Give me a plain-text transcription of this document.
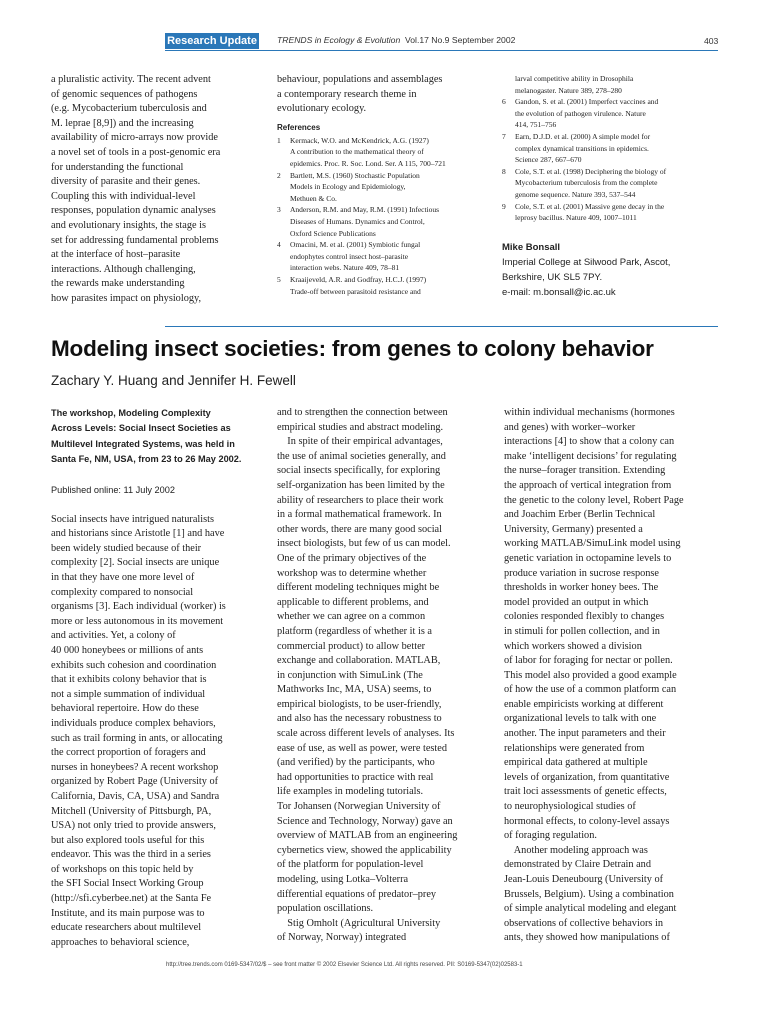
Research Update TRENDS in Ecology & Evolution Vol.17 No.9 September 2002	403
a pluralistic activity. The recent advent
of genomic sequences of pathogens
(e.g. Mycobacterium tuberculosis and
M. leprae [8,9]) and the increasing
availability of micro-arrays now provide
a novel set of tools in a post-genomic era
for understanding the functional
diversity of parasite and their genes.
Coupling this with individual-level
responses, population dynamic analyses
and evolutionary insights, the stage is
set for addressing fundamental problems
at the interface of host–parasite
interactions. Although challenging,
the rewards make understanding
how parasites impact on physiology,
behaviour, populations and assemblages
a contemporary research theme in
evolutionary ecology.
References
1	Kermack, W.O. and McKendrick, A.G. (1927)
A contribution to the mathematical theory of
epidemics. Proc. R. Soc. Lond. Ser. A 115, 700–721
2	Bartlett, M.S. (1960) Stochastic Population
Models in Ecology and Epidemiology,
Methuen & Co.
3	Anderson, R.M. and May, R.M. (1991) Infectious
Diseases of Humans. Dynamics and Control,
Oxford Science Publications
4	Omacini, M. et al. (2001) Symbiotic fungal
endophytes control insect host–parasite
interaction webs. Nature 409, 78–81
5	Kraaijeveld, A.R. and Godfray, H.C.J. (1997)
Trade-off between parasitoid resistance and
larval competitive ability in Drosophila
melanogaster. Nature 389, 278–280
6	Gandon, S. et al. (2001) Imperfect vaccines and
the evolution of pathogen virulence. Nature
414, 751–756
7	Earn, D.J.D. et al. (2000) A simple model for
complex dynamical transitions in epidemics.
Science 287, 667–670
8	Cole, S.T. et al. (1998) Deciphering the biology of
Mycobacterium tuberculosis from the complete
genome sequence. Nature 393, 537–544
9	Cole, S.T. et al. (2001) Massive gene decay in the
leprosy bacillus. Nature 409, 1007–1011
Mike Bonsall
Imperial College at Silwood Park, Ascot,
Berkshire, UK SL5 7PY.
e-mail: m.bonsall@ic.ac.uk
Modeling insect societies: from genes to colony behavior
Zachary Y. Huang and Jennifer H. Fewell
The workshop, Modeling Complexity
Across Levels: Social Insect Societies as
Multilevel Integrated Systems, was held in
Santa Fe, NM, USA, from 23 to 26 May 2002.
Published online: 11 July 2002
Social insects have intrigued naturalists
and historians since Aristotle [1] and have
been widely studied because of their
complexity [2]. Social insects are unique
in that they have one more level of
complexity compared to nonsocial
organisms [3]. Each individual (worker) is
more or less autonomous in its movement
and activities. Yet, a colony of
40 000 honeybees or millions of ants
exhibits such cohesion and coordination
that it exhibits colony behavior that is
not a simple summation of individual
behavioral repertoire. How do these
individuals produce complex behaviors,
such as trail forming in ants, or allocating
the correct proportion of foragers and
nurses in honeybees? A recent workshop
organized by Robert Page (University of
California, Davis, CA, USA) and Sandra
Mitchell (University of Pittsburgh, PA,
USA) not only tried to provide answers,
but also explored tools useful for this
endeavor. This was the third in a series
of workshops on this topic held by
the SFI Social Insect Working Group
(http://sfi.cyberbee.net) at the Santa Fe
Institute, and its main purpose was to
educate researchers about multilevel
approaches to behavioral science,
and to strengthen the connection between
empirical studies and abstract modeling.
In spite of their empirical advantages,
the use of animal societies generally, and
social insects specifically, for exploring
self-organization has been limited by the
ability of researchers to place their work
in a formal mathematical framework. In
other words, there are many good social
insect biologists, but few of us can model.
One of the primary objectives of the
workshop was to determine whether
different modeling techniques might be
applicable to different problems, and
whether we can agree on a common
platform (regardless of whether it is a
commercial product) to allow better
exchange and collaboration. MATLAB,
in conjunction with SimuLink (The
Mathworks Inc, MA, USA) seems, to
empirical biologists, to be user-friendly,
and also has the necessary robustness to
scale across different levels of analyses. Its
ease of use, as well as power, were tested
(and verified) by the participants, who
had opportunities to practice with real
life examples in modeling tutorials.
Tor Johansen (Norwegian University of
Science and Technology, Norway) gave an
overview of MATLAB from an engineering
cybernetics view, showed the applicability
of the platform for population-level
modeling, using Lotka–Volterra
differential equations of predator–prey
population oscillations.
Stig Omholt (Agricultural University
of Norway, Norway) integrated
within individual mechanisms (hormones
and genes) with worker–worker
interactions [4] to show that a colony can
make ‘intelligent decisions’ for regulating
the nurse–forager transition. Extending
the approach of vertical integration from
the genetic to the colony level, Robert Page
and Joachim Erber (Berlin Technical
University, Germany) presented a
working MATLAB/SimuLink model using
genetic variation in octopamine levels to
produce variation in sucrose response
thresholds in worker honey bees. The
model provided an output in which
colonies responded flexibly to changes
in stimuli for pollen collection, and in
which workers showed a division
of labor for foraging for nectar or pollen.
This model also provided a good example
of how the use of a common platform can
enable empiricists working at different
organizational levels to talk with one
another. The input parameters and their
relationships were generated from
empirical data gathered at multiple
levels of organization, from quantitative
trait loci assessments of genetic effects,
to neurophysiological studies of
hormonal effects, to colony-level assays
of foraging regulation.
Another modeling approach was
demonstrated by Claire Detrain and
Jean-Louis Deneubourg (University of
Brussels, Belgium). Using a combination
of simple analytical modeling and elegant
observations of collective behaviors in
ants, they showed how manipulations of
http://tree.trends.com 0169-5347/02/$ – see front matter © 2002 Elsevier Science Ltd. All rights reserved. PII: S0169-5347(02)02583-1
